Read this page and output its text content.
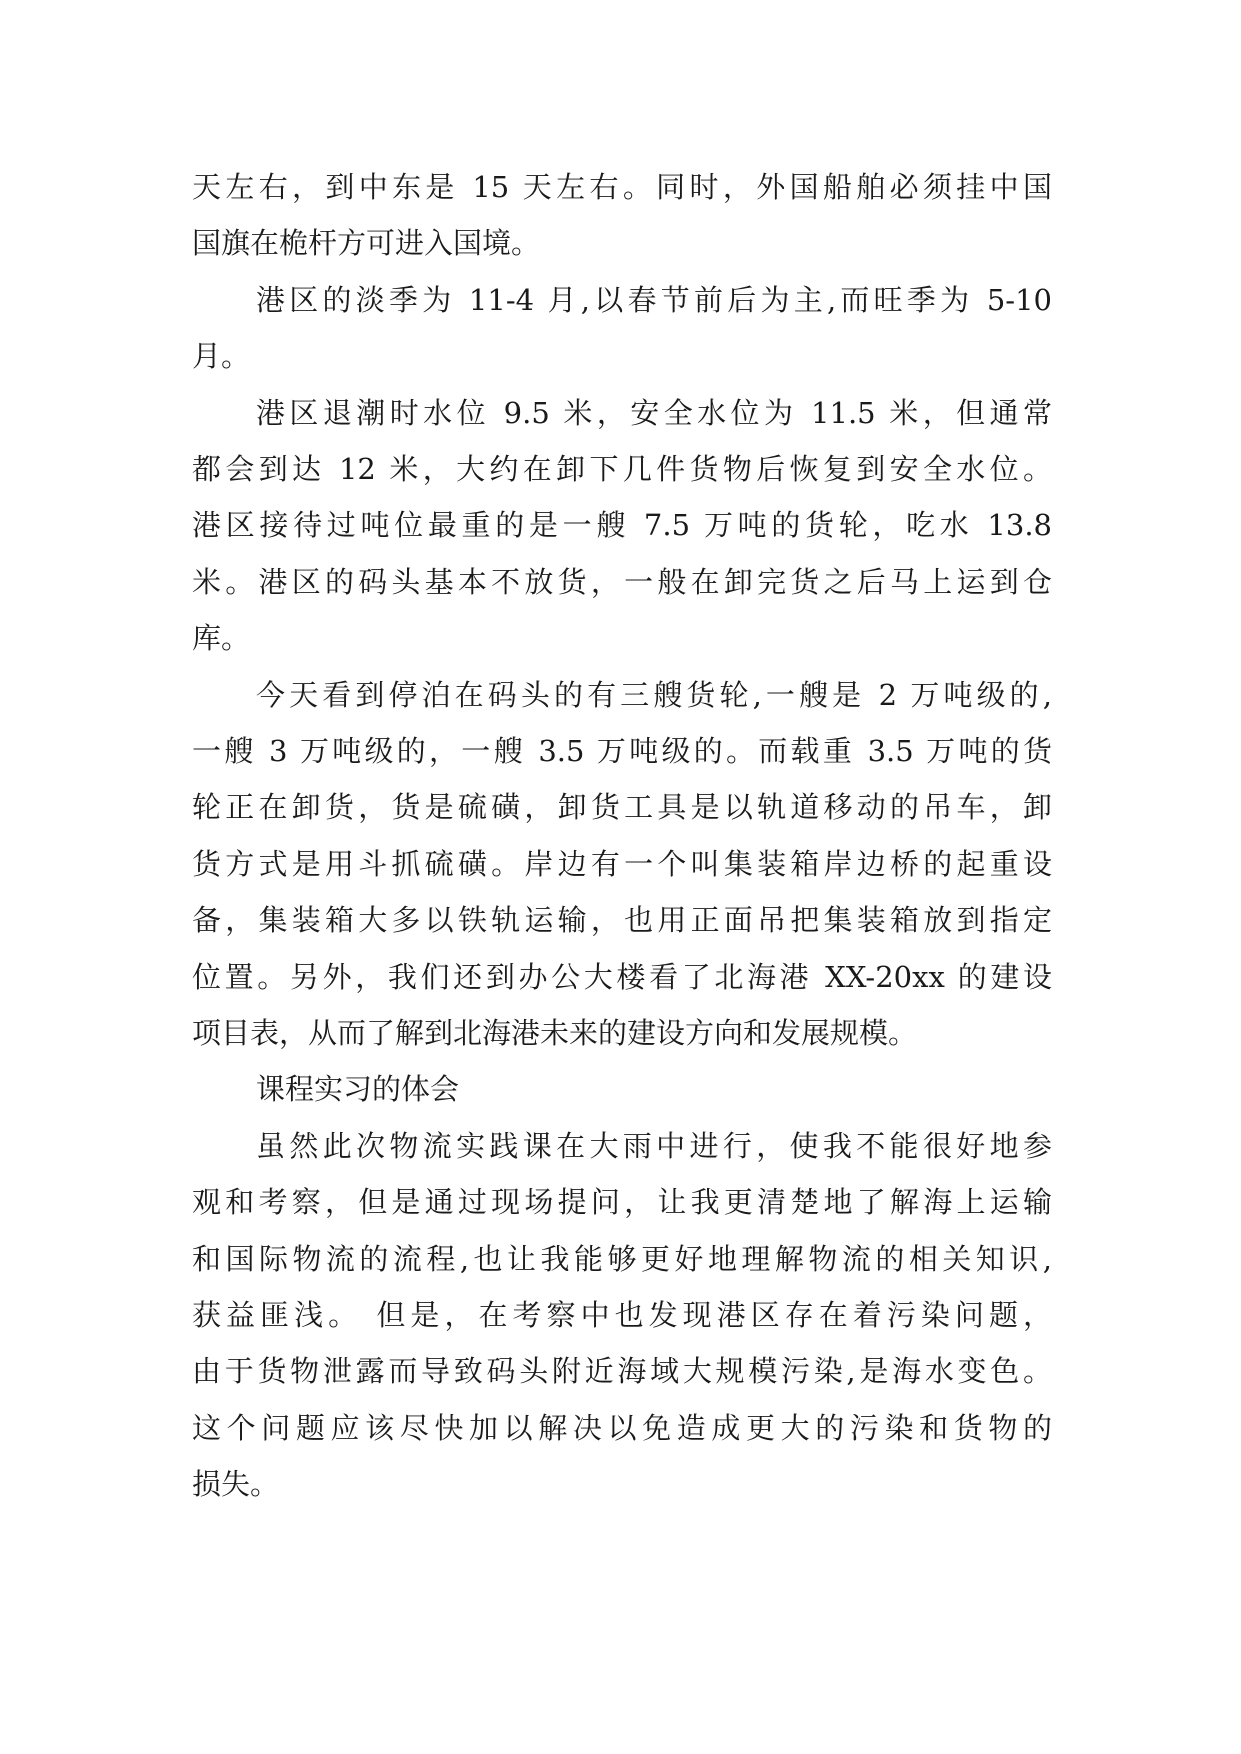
天左右，到中东是 15 天左右。同时，外国船舶必须挂中国
国旗在桅杆方可进入国境。
港区的淡季为 11-4 月,以春节前后为主,而旺季为 5-10
月。
港区退潮时水位 9.5 米，安全水位为 11.5 米，但通常
都会到达 12 米，大约在卸下几件货物后恢复到安全水位。
港区接待过吨位最重的是一艘 7.5 万吨的货轮，吃水 13.8
米。港区的码头基本不放货，一般在卸完货之后马上运到仓
库。
今天看到停泊在码头的有三艘货轮,一艘是 2 万吨级的,
一艘 3 万吨级的，一艘 3.5 万吨级的。而载重 3.5 万吨的货
轮正在卸货，货是硫磺，卸货工具是以轨道移动的吊车，卸
货方式是用斗抓硫磺。岸边有一个叫集装箱岸边桥的起重设
备，集装箱大多以铁轨运输，也用正面吊把集装箱放到指定
位置。另外，我们还到办公大楼看了北海港 XX-20xx 的建设
项目表，从而了解到北海港未来的建设方向和发展规模。
课程实习的体会
虽然此次物流实践课在大雨中进行，使我不能很好地参
观和考察，但是通过现场提问，让我更清楚地了解海上运输
和国际物流的流程,也让我能够更好地理解物流的相关知识,
获益匪浅。 但是，在考察中也发现港区存在着污染问题，
由于货物泄露而导致码头附近海域大规模污染,是海水变色。
这个问题应该尽快加以解决以免造成更大的污染和货物的
损失。
